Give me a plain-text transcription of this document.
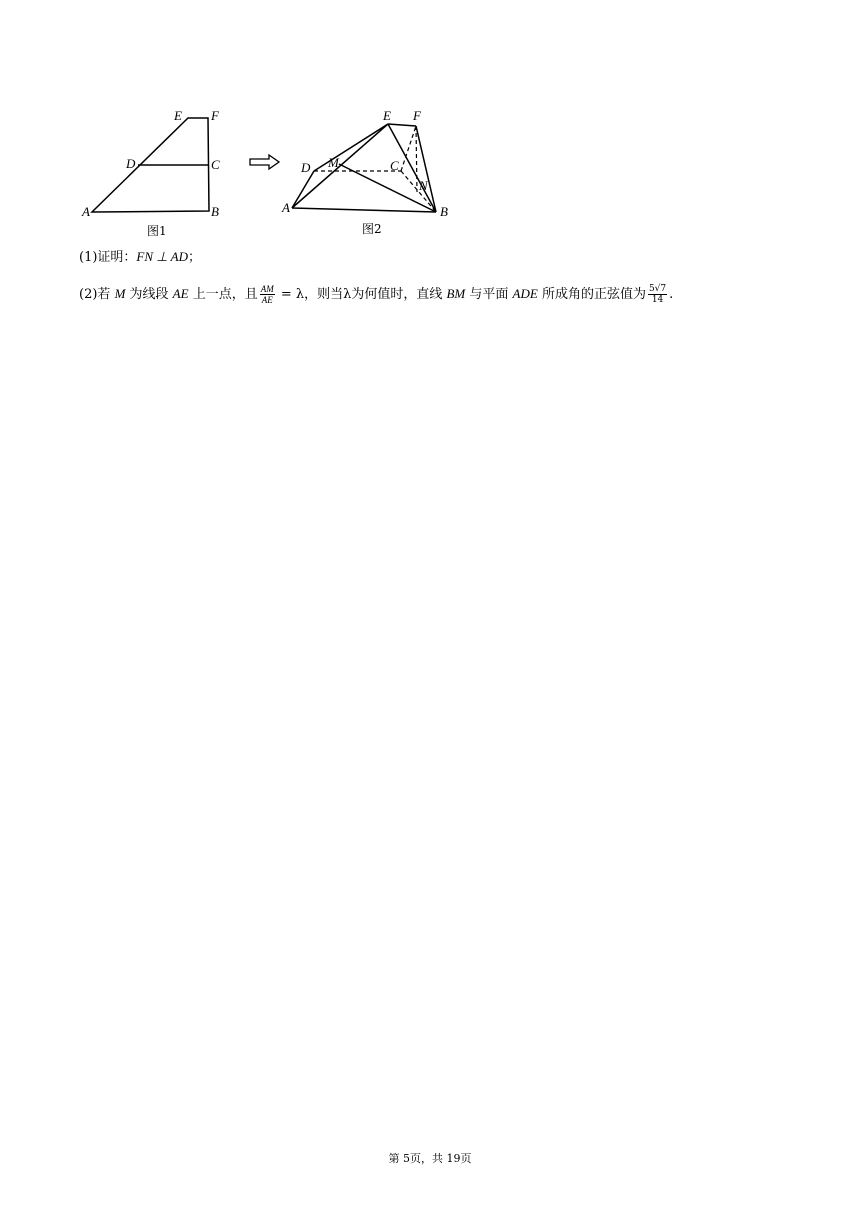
A	B
C
D
E F
图1
A	B
C
D
E F
M
N
图2
(1)证明：FN ⊥ AD；
(2)若 M 为线段 AE 上一点，且 $\frac{AM}{AE} = \lambda$，则当λ为何值时，直线 BM 与平面 ADE 所成角的正弦值为 $\frac{5√7}{14}$ .
第 5页，共 19页
